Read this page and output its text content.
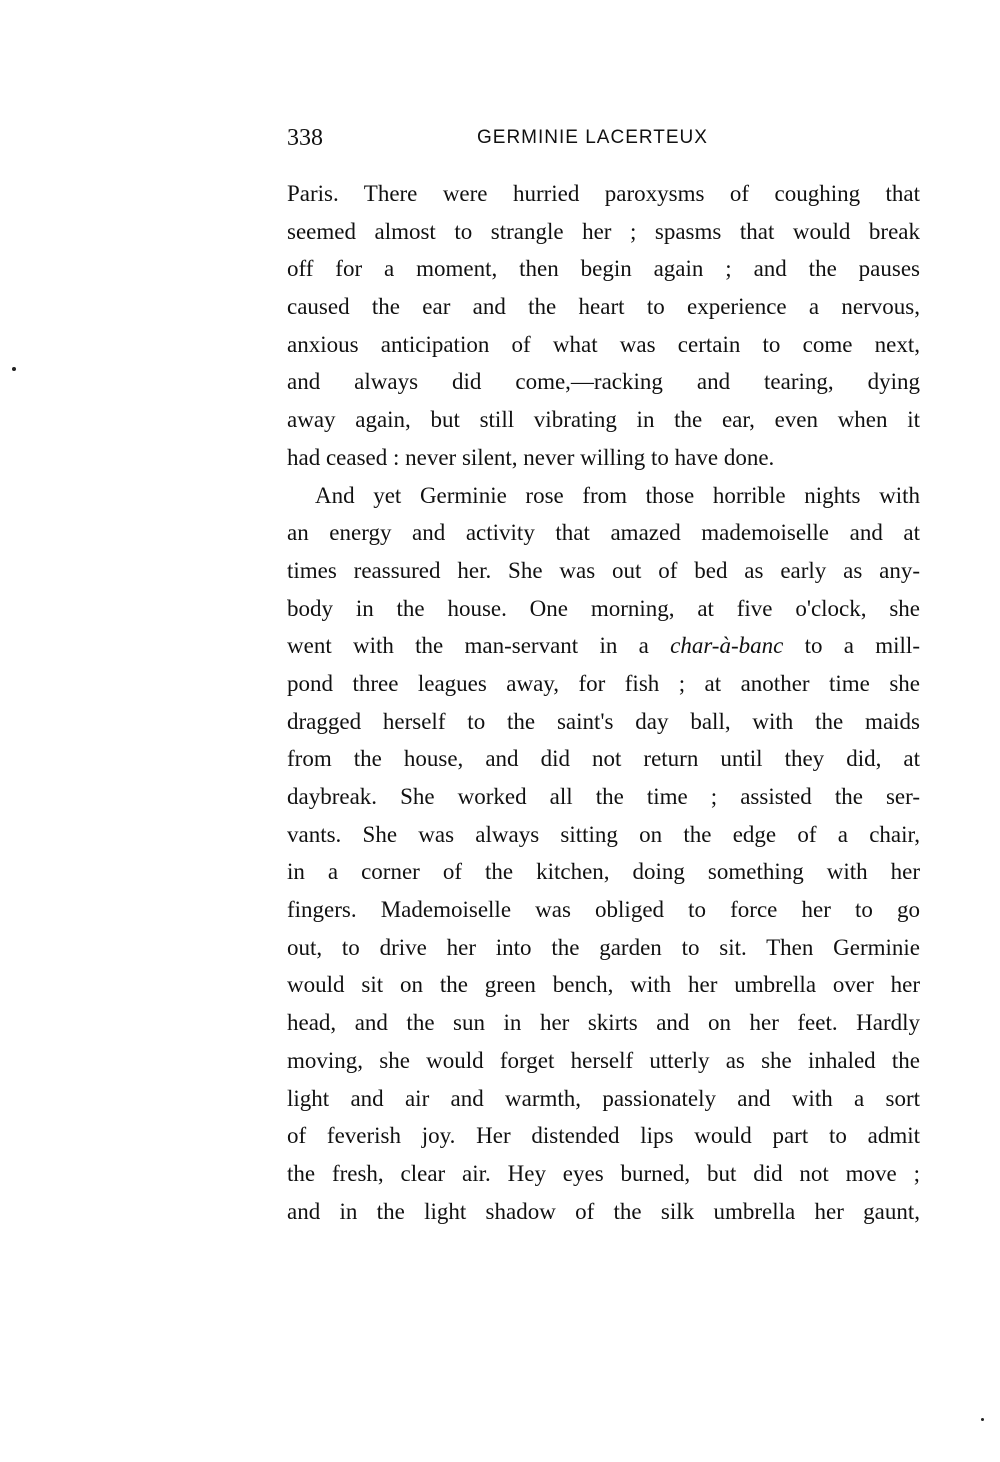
338	GERMINIE LACERTEUX
Paris. There were hurried paroxysms of coughing that
seemed almost to strangle her ; spasms that would break
off for a moment, then begin again ; and the pauses
caused the ear and the heart to experience a nervous,
anxious anticipation of what was certain to come next,
and always did come,—racking and tearing, dying
away again, but still vibrating in the ear, even when it
had ceased : never silent, never willing to have done.
And yet Germinie rose from those horrible nights with
an energy and activity that amazed mademoiselle and at
times reassured her. She was out of bed as early as any-
body in the house. One morning, at five o'clock, she
went with the man-servant in a char-à-banc to a mill-
pond three leagues away, for fish ; at another time she
dragged herself to the saint's day ball, with the maids
from the house, and did not return until they did, at
daybreak. She worked all the time ; assisted the ser-
vants. She was always sitting on the edge of a chair,
in a corner of the kitchen, doing something with her
fingers. Mademoiselle was obliged to force her to go
out, to drive her into the garden to sit. Then Germinie
would sit on the green bench, with her umbrella over her
head, and the sun in her skirts and on her feet. Hardly
moving, she would forget herself utterly as she inhaled the
light and air and warmth, passionately and with a sort
of feverish joy. Her distended lips would part to admit
the fresh, clear air. Hey eyes burned, but did not move ;
and in the light shadow of the silk umbrella her gaunt,
